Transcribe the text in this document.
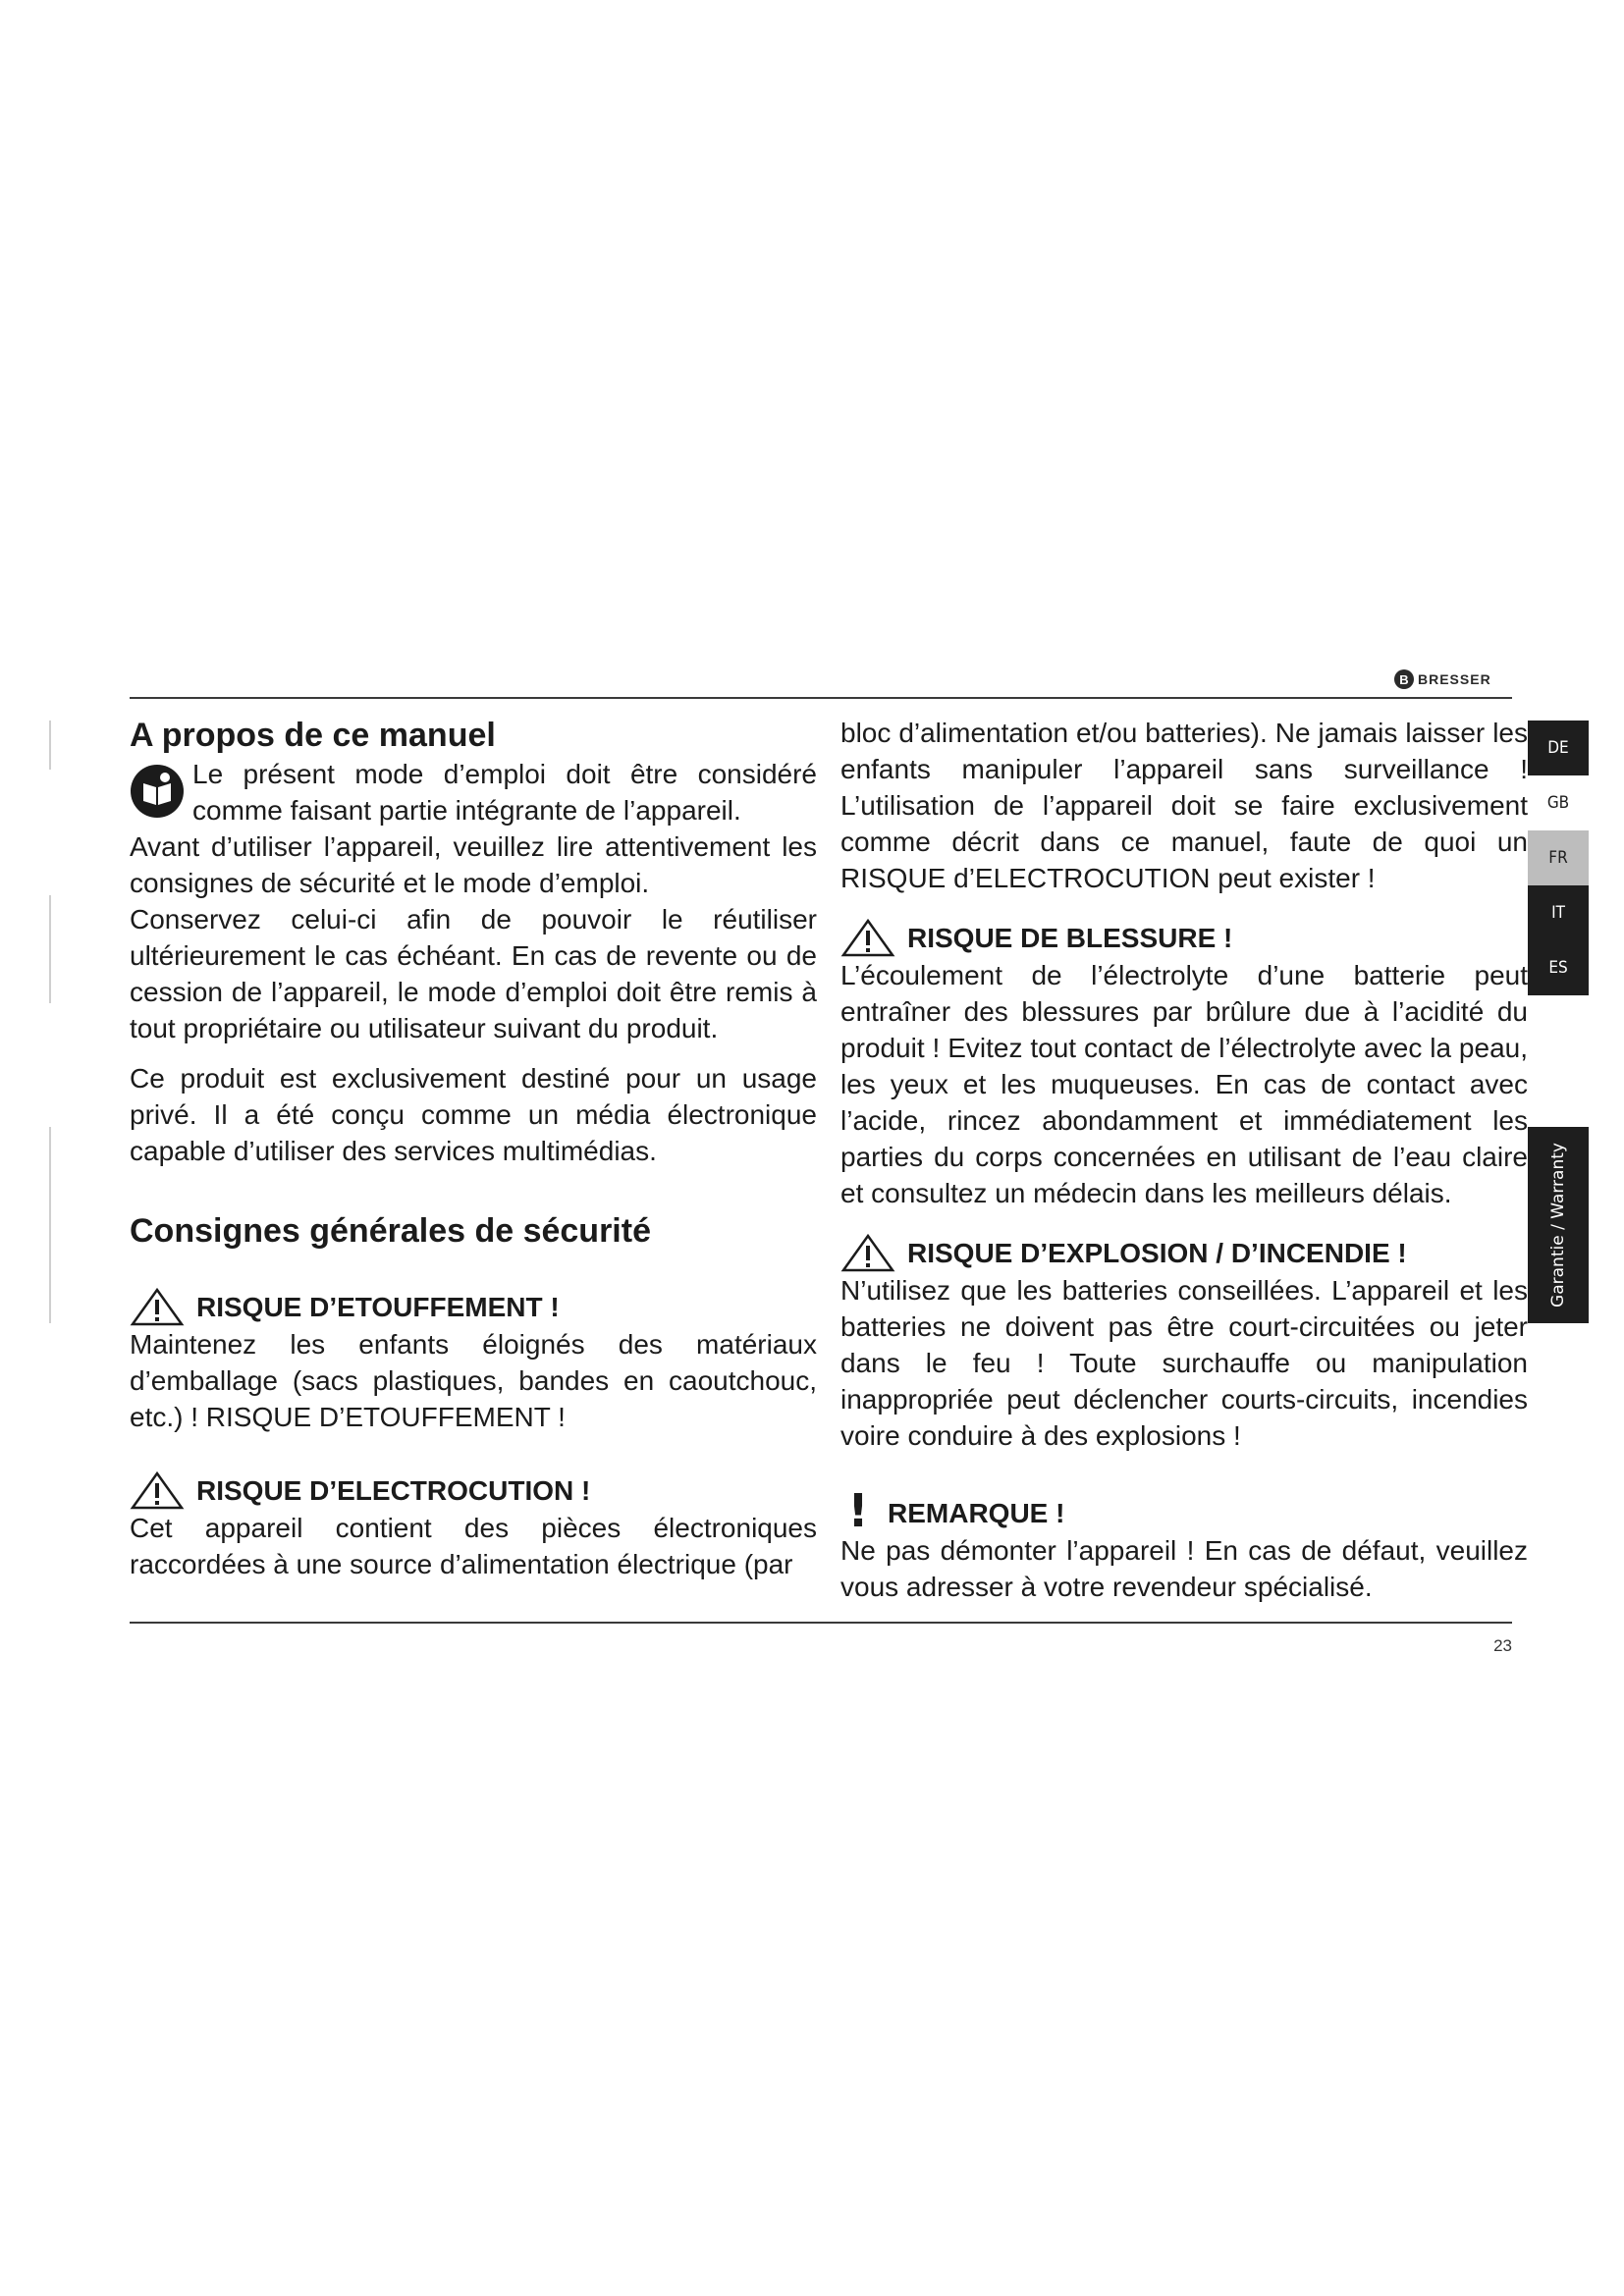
B BRESSER
A propos de ce manuel

Le présent mode d’emploi doit être considéré comme faisant partie intégrante de l’appareil.

Avant d’utiliser l’appareil, veuillez lire attentivement les consignes de sécurité et le mode d’emploi.

Conservez celui-ci afin de pouvoir le réutiliser ultérieurement le cas échéant. En cas de revente ou de cession de l’appareil, le mode d’emploi doit être remis à tout propriétaire ou utilisateur suivant du produit.

Ce produit est exclusivement destiné pour un usage privé. Il a été conçu comme un média électronique capable d’utiliser des services multimédias.

Consignes générales de sécurité
RISQUE D’ETOUFFEMENT !

Maintenez les enfants éloignés des matériaux d’emballage (sacs plastiques, bandes en caoutchouc, etc.) ! RISQUE D’ETOUFFEMENT !

RISQUE D’ELECTROCUTION !

Cet appareil contient des pièces électroniques raccordées à une source d’alimentation électrique (par

bloc d’alimentation et/ou batteries). Ne jamais laisser les enfants manipuler l’appareil sans surveillance ! L’utilisation de l’appareil doit se faire exclusivement comme décrit dans ce manuel, faute de quoi un RISQUE d’ELECTROCUTION peut exister !

RISQUE DE BLESSURE !

L’écoulement de l’électrolyte d’une batterie peut entraîner des blessures par brûlure due à l’acidité du produit ! Evitez tout contact de l’électrolyte avec la peau, les yeux et les muqueuses. En cas de contact avec l’acide, rincez abondamment et immédiatement les parties du corps concernées en utilisant de l’eau claire et consultez un médecin dans les meilleurs délais.

RISQUE D’EXPLOSION / D’INCENDIE !

N’utilisez que les batteries conseillées. L’appareil et les batteries ne doivent pas être court-circuitées ou jeter dans le feu ! Toute surchauffe ou manipulation inappropriée peut déclencher courts-circuits, incendies voire conduire à des explosions !

! REMARQUE !

Ne pas démonter l’appareil ! En cas de défaut, veuillez vous adresser à votre revendeur spécialisé.

DE
GB
FR
IT
ES
Garantie / Warranty
23
